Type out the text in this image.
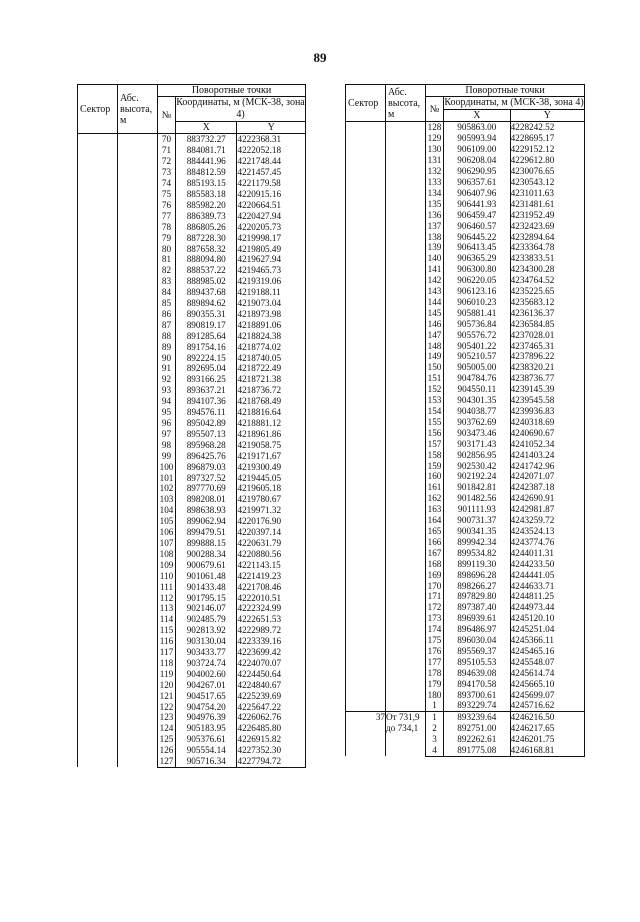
89
Сектор	Абс. высота, м	Поворотные точки		
		№	Координаты, м (МСК-38, зона 4)	
			X	Y
		70	883732.27	4222368.31
		71	884081.71	4222052.18
		72	884441.96	4221748.44
		73	884812.59	4221457.45
		74	885193.15	4221179.58
		75	885583.18	4220915.16
		76	885982.20	4220664.51
		77	886389.73	4220427.94
		78	886805.26	4220205.73
		79	887228.30	4219998.17
		80	887658.32	4219805.49
		81	888094.80	4219627.94
		82	888537.22	4219465.73
		83	888985.02	4219319.06
		84	889437.68	4219188.11
		85	889894.62	4219073.04
		86	890355.31	4218973.98
		87	890819.17	4218891.06
		88	891285.64	4218824.38
		89	891754.16	4218774.02
		90	892224.15	4218740.05
		91	892695.04	4218722.49
		92	893166.25	4218721.38
		93	893637.21	4218736.72
		94	894107.36	4218768.49
		95	894576.11	4218816.64
		96	895042.89	4218881.12
		97	895507.13	4218961.86
		98	895968.28	4219058.75
		99	896425.76	4219171.67
		100	896879.03	4219300.49
		101	897327.52	4219445.05
		102	897770.69	4219605.18
		103	898208.01	4219780.67
		104	898638.93	4219971.32
		105	899062.94	4220176.90
		106	899479.51	4220397.14
		107	899888.15	4220631.79
		108	900288.34	4220880.56
		109	900679.61	4221143.15
		110	901061.48	4221419.23
		111	901433.48	4221708.46
		112	901795.15	4222010.51
		113	902146.07	4222324.99
		114	902485.79	4222651.53
		115	902813.92	4222989.72
		116	903130.04	4223339.16
		117	903433.77	4223699.42
		118	903724.74	4224070.07
		119	904002.60	4224450.64
		120	904267.01	4224840.67
		121	904517.65	4225239.69
		122	904754.20	4225647.22
		123	904976.39	4226062.76
		124	905183.95	4226485.80
		125	905376.61	4226915.82
		126	905554.14	4227352.30
		127	905716.34	4227794.72
Сектор	Абс. высота, м	Поворотные точки		
		№	Координаты, м (МСК-38, зона 4)	
			X	Y
		128	905863.00	4228242.52
		129	905993.94	4228695.17
		130	906109.00	4229152.12
		131	906208.04	4229612.80
		132	906290.95	4230076.65
		133	906357.61	4230543.12
		134	906407.96	4231011.63
		135	906441.93	4231481.61
		136	906459.47	4231952.49
		137	906460.57	4232423.69
		138	906445.22	4232894.64
		139	906413.45	4233364.78
		140	906365.29	4233833.51
		141	906300.80	4234300.28
		142	906220.05	4234764.52
		143	906123.16	4235225.65
		144	906010.23	4235683.12
		145	905881.41	4236136.37
		146	905736.84	4236584.85
		147	905576.72	4237028.01
		148	905401.22	4237465.31
		149	905210.57	4237896.22
		150	905005.00	4238320.21
		151	904784.76	4238736.77
		152	904550.11	4239145.39
		153	904301.35	4239545.58
		154	904038.77	4239936.83
		155	903762.69	4240318.69
		156	903473.46	4240690.67
		157	903171.43	4241052.34
		158	902856.95	4241403.24
		159	902530.42	4241742.96
		160	902192.24	4242071.07
		161	901842.81	4242387.18
		162	901482.56	4242690.91
		163	901111.93	4242981.87
		164	900731.37	4243259.72
		165	900341.35	4243524.13
		166	899942.34	4243774.76
		167	899534.82	4244011.31
		168	899119.30	4244233.50
		169	898696.28	4244441.05
		170	898266.27	4244633.71
		171	897829.80	4244811.25
		172	897387.40	4244973.44
		173	896939.61	4245120.10
		174	896486.97	4245251.04
		175	896030.04	4245366.11
		176	895569.37	4245465.16
		177	895105.53	4245548.07
		178	894639.08	4245614.74
		179	894170.58	4245665.10
		180	893700.61	4245699.07
		1	893229.74	4245716.62
37	От 731,9 до 734,1	1	893239.64	4246216.50
		2	892751.00	4246217.65
		3	892262.61	4246201.75
		4	891775.08	4246168.81
